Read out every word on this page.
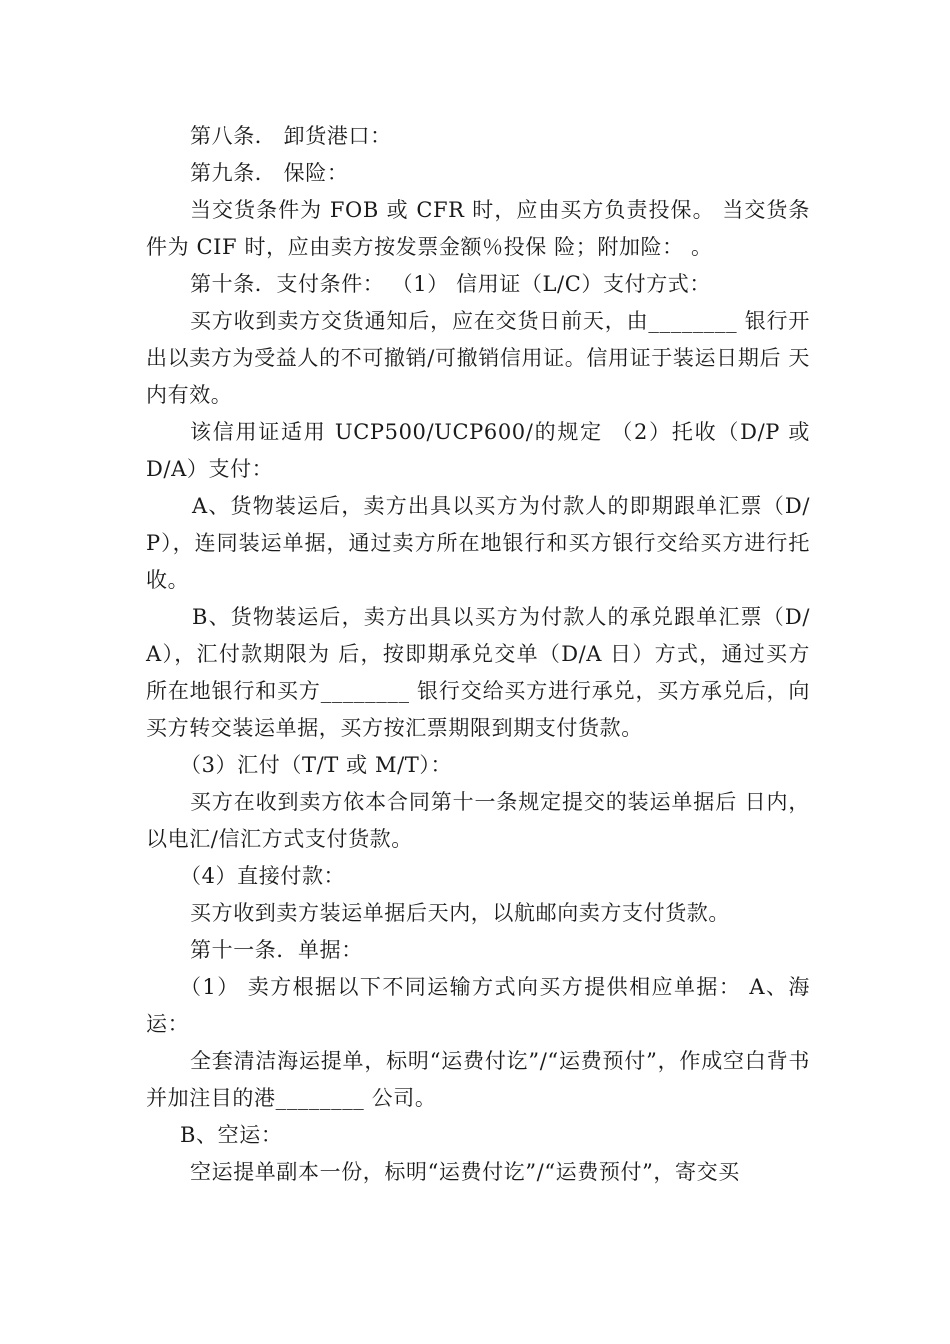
第八条． 卸货港口：

第九条． 保险：

当交货条件为 FOB 或 CFR 时，应由买方负责投保。 当交货条件为 CIF 时，应由卖方按发票金额％投保 险；附加险： 。

第十条．支付条件： （1） 信用证（L/C）支付方式：

买方收到卖方交货通知后，应在交货日前天，由________ 银行开出以卖方为受益人的不可撤销/可撤销信用证。信用证于装运日期后 天内有效。

该信用证适用 UCP500/UCP600/的规定 （2）托收（D/P 或 D/A）支付：

A、货物装运后，卖方出具以买方为付款人的即期跟单汇票（D/P），连同装运单据，通过卖方所在地银行和买方银行交给买方进行托收。

B、货物装运后，卖方出具以买方为付款人的承兑跟单汇票（D/A），汇付款期限为 后，按即期承兑交单（D/A 日）方式，通过买方所在地银行和买方________ 银行交给买方进行承兑，买方承兑后，向买方转交装运单据，买方按汇票期限到期支付货款。

（3）汇付（T/T 或 M/T）：

买方在收到卖方依本合同第十一条规定提交的装运单据后 日内，以电汇/信汇方式支付货款。

（4）直接付款：

买方收到卖方装运单据后天内，以航邮向卖方支付货款。

第十一条．单据：

（1） 卖方根据以下不同运输方式向买方提供相应单据： A、海运：

全套清洁海运提单，标明“运费付讫”/“运费预付”，作成空白背书并加注目的港________ 公司。

B、空运：

空运提单副本一份，标明“运费付讫”/“运费预付”，寄交买
